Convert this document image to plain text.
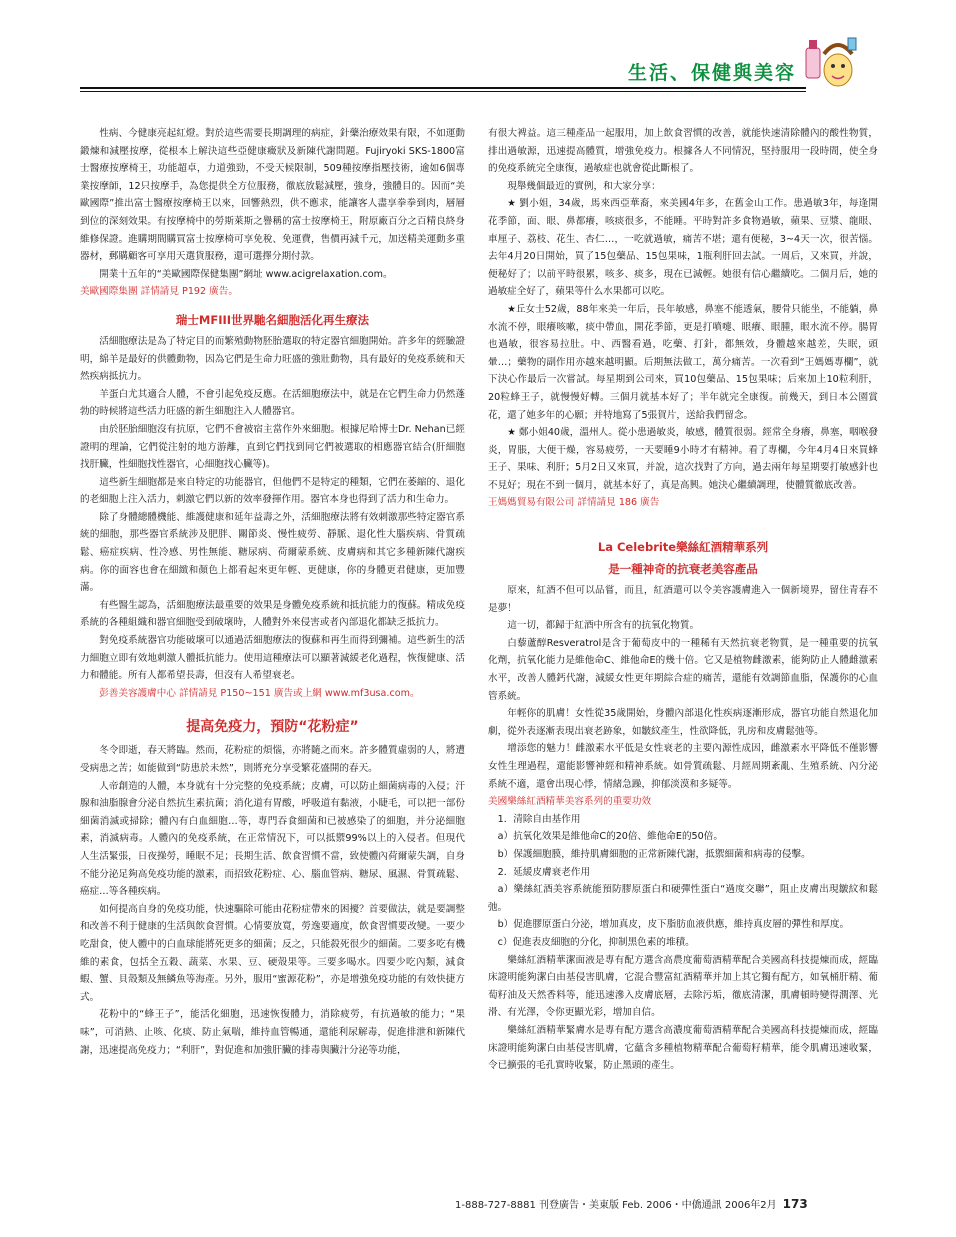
生活、保健與美容

性病、今健康亮起紅燈。對於這些需要長期調理的病症，針藥治療效果有限，不如運動鍛煉和減壓按摩，從根本上解決這些亞健康癥狀及新陳代謝問題。Fujiryoki SKS-1800富士醫療按摩椅王，功能超卓，力道強勁，不受天候限制，509種按摩指壓技術，逾如6個專業按摩師，12只按摩手，為您提供全方位服務，徹底放鬆減壓，強身，強體目的。因而“美歐國際”推出富士醫療按摩椅王以來，回響熱烈，供不應求，能讓客人盡享拳拳到肉，層層到位的深刻效果。有按摩椅中的勞斯萊斯之譽稱的富士按摩椅王，附原廠百分之百精良終身維修保證。進購期間購買富士按摩椅可享免稅、免運費，售價再減千元，加送精美運動多重器材，郵購顧客可享用天選貨服務，還可選擇分期付款。

開業十五年的“美歐國際保健集團”網址 www.acigrelaxation.com。

美歐國際集團 詳情請見 P192 廣告。

瑞士MFIII世界馳名細胞活化再生療法

活細胞療法是為了特定目的而繁殖動物胚胎選取的特定器官細胞開始。許多年的經驗證明，綿羊是最好的供體動物，因為它們是生命力旺盛的強壯動物，具有最好的免疫系統和天然疾病抵抗力。

羊蛋白尤其適合人體，不會引起免疫反應。在活細胞療法中，就是在它們生命力仍然蓬勃的時候將這些活力旺盛的新生細胞注入人體器官。

由於胚胎細胞沒有抗原，它們不會被宿主當作外來細胞。根據尼哈博士Dr. Nehan已經證明的理論，它們從注射的地方游離，直到它們找到同它們被選取的相應器官結合(肝細胞找肝臟，性細胞找性器官，心細胞找心臟等)。

這些新生細胞都是來自特定的功能器官，但他們不是特定的種類，它們在萎縮的、退化的老細胞上注入活力，刺激它們以新的效率發揮作用。器官本身也得到了活力和生命力。

除了身體總體機能、維護健康和延年益壽之外，活細胞療法將有效刺激那些特定器官系統的細胞，那些器官系統涉及肥胖、關節炎、慢性疲勞、靜脈、退化性大腦疾病、骨質疏鬆、癌症疾病、性冷感、男性無能、糖尿病、荷爾蒙系統、皮膚病和其它多種新陳代謝疾病。你的面容也會在細緻和顏色上都看起來更年輕、更健康，你的身體更君健康，更加豐滿。

有些醫生認為，活細胞療法最重要的效果是身體免疫系統和抵抗能力的復蘇。精成免疫系統的各種組織和器官細胞受到破壞時，人體對外來侵害或者內部退化都缺乏抵抗力。

對免疫系統器官功能破壞可以通過活細胞療法的復蘇和再生而得到彌補。這些新生的活力細胞立即有效地刺激人體抵抗能力。使用這種療法可以顯著減緩老化過程，恢復健康、活力和體能。所有人都希望長壽，但沒有人希望衰老。

彭善美容護膚中心 詳情請見 P150~151 廣告或上網 www.mf3usa.com。

提高免疫力，預防“花粉症”

冬令即逝，春天將臨。然而，花粉症的煩惱，亦將隨之而來。許多體質虛弱的人，將遭受病患之苦；如能做到“防患於未然”，則將充分享受繁花盛開的春天。

人帝創造的人體，本身就有十分完整的免疫系統；皮膚，可以防止細菌病毒的入侵；汗腺和油脂腺會分泌自然抗生素抗菌；消化道有胃酸，呼吸道有黏液，小睫毛，可以把一部份細菌消滅或掃除；體內有白血細胞…等，專門吞食細菌和已被感染了的細胞，并分泌細胞素，消滅病毒。人體內的免疫系統，在正常情況下，可以抵禦99%以上的入侵者。但現代人生活緊張，日夜操勞，睡眠不足；長期生活、飲食習慣不當，致使體內荷爾蒙失調，自身不能分泌足夠高免疫功能的激素，而招致花粉症、心、腦血管病、糖尿、風濕、骨質疏鬆、癌症…等各種疾病。

如何提高自身的免疫功能，快速驅除可能由花粉症帶來的困擾？首要做法，就是要調整和改善不利于健康的生活與飲食習慣。心情要放寬，勞逸要適度，飲食習慣要改變。一要少吃甜食，使人體中的白血球能將死更多的細菌；反之，只能殺死很少的細菌。二要多吃有機維的素食，包括全五穀、蔬菜、水果、豆、硬殼果等。三要多喝水。四要少吃內類，減食蝦、蟹、貝殼類及無鱗魚等海產。另外，服用“蜜源花粉”，亦是增強免疫功能的有效快捷方式。

花粉中的“蜂王子”，能活化細胞，迅速恢復體力，消除疲勞，有抗過敏的能力；“果味”，可消熱、止咳、化痰、防止氣喘，維持血管暢通，還能利尿解毒，促進排泄和新陳代謝，迅速提高免疫力；“利肝”，對促進和加強肝臟的排毒與臟汁分泌等功能，

有很大裨益。這三種產品一起服用，加上飲食習慣的改善，就能快速清除體內的酸性物質，排出過敏源，迅速提高體質，增強免疫力。根據各人不同情況，堅持服用一段時間，使全身的免疫系統完全康復，過敏症也就會從此斷根了。

現舉幾個最近的實例，和大家分享：

★ 劉小姐，34歲，馬來西亞華裔，來美國4年多，在舊金山工作。患過敏3年，每逢開花季節，面、眼、鼻都癢，咳痰很多，不能睡。平時對許多食物過敏，蘋果、豆漿、龍眼、車厘子、荔枝、花生、杏仁…，一吃就過敏，痛苦不堪；還有便秘，3~4天一次，很苦惱。去年4月20日開始，買了15包藥品、15包果味，1瓶利肝回去試。一周后，又來買，并說，便秘好了；以前平時很累，咳多、痰多，現在已減輕。她很有信心繼續吃。二個月后，她的過敏症全好了，蘋果等什么水果都可以吃。

★丘女士52歲，88年來美一年后，長年敏感，鼻塞不能透氣，腰骨只能坐，不能躺，鼻水流不停，眼癢咳嗽，痰中帶血，開花季節，更是打噴嚏、眼癢、眼腫，眼水流不停。腸胃也過敏，很容易拉肚。中、西醫看過，吃藥、打針，都無效，身體越來越差，失眠，頭暈…；藥物的副作用亦越來越明顯。后期無法做工，萬分痛苦。一次看到“王媽媽專欄”，就下決心作最后一次嘗試。每星期到公司來，買10包藥品、15包果味；后來加上10粒利肝，20粒蜂王子，就慢慢好轉。三個月就基本好了；半年就完全康復。前幾天，到日本公園賞花，還了她多年的心願；并特地寫了5張賀片，送給我們留念。

★ 鄭小姐40歲，溫州人。從小患過敏炎，敏感，體質很弱。經常全身癢，鼻塞，咽喉發炎，胃脹，大便干燥，容易疲勞，一天要睡9小時才有精神。看了專欄，今年4月4日來買蜂王子、果味、利肝；5月2日又來買，并說，這次找對了方向，過去兩年每星期要打敏感針也不見好；現在不到一個月，就基本好了，真是高興。她決心繼續調理，使體質徹底改善。

王媽媽貿易有限公司 詳情請見 186 廣告

La Celebrite樂絲紅酒精華系列
是一種神奇的抗衰老美容產品

原來，紅酒不但可以品嘗，而且，紅酒還可以令美容護膚進入一個新境界，留住青春不是夢！

這一切，都歸于紅酒中所含有的抗氧化物質。

白藜蘆醇Resveratrol是含于葡萄皮中的一種稀有天然抗衰老物質，是一種重要的抗氧化劑，抗氧化能力是維他命C、維他命E的幾十倍。它又是植物雌激素，能夠防止人體雌激素水平，改善人體鈣代謝，減緩女性更年期綜合症的痛苦，還能有效調節血脂，保護你的心血管系統。

年輕你的肌膚！女性從35歲開始，身體內部退化性疾病逐漸形成，器官功能自然退化加劇，從外表逐漸表現出衰老跡象，如皺紋產生，性欲降低，乳房和皮膚鬆弛等。

增添您的魅力！雌激素水平低是女性衰老的主要內源性成因，雌激素水平降低不僅影響女性生理過程，還能影響神經和精神系統。如骨質疏鬆、月經周期紊亂、生殖系統、內分泌系統不適，還會出現心悸，情緒急躁，抑郁淡漠和多疑等。

美國樂絲紅酒精華美容系列的重要功效

1．清除自由基作用

a）抗氧化效果是維他命C的20倍、維他命E的50倍。

b）保護細胞膜，維持肌膚細胞的正常新陳代謝，抵禦細菌和病毒的侵擊。

2．延緩皮膚衰老作用

a）樂絲紅酒美容系統能預防膠原蛋白和硬彈性蛋白“過度交聯”，阻止皮膚出現皺紋和鬆弛。

b）促進膠原蛋白分泌，增加真皮，皮下脂肪血液供應，維持真皮層的彈性和厚度。

c）促進表皮細胞的分化，抑制黑色素的堆積。

樂絲紅酒精華潔面液是專有配方選含高農度葡萄酒精華配合美國高科技提煉而成，經臨床證明能夠潔白由基侵害肌膚，它混合豐富紅酒精華并加上其它獨有配方，如氧桶肝精、葡萄籽油及天然香料等，能迅速滲入皮膚底層，去除污垢，徹底清潔，肌膚頓時變得潤澤、光滑、有光澤，令你更顯光彩，增加自信。

樂絲紅酒精華緊膚水是專有配方選含高濃度葡萄酒精華配合美國高科技提煉而成，經臨床證明能夠潔白由基侵害肌膚，它蘊含多種植物精華配合葡萄籽精華，能令肌膚迅速收緊，令已擴張的毛孔實時收緊，防止黑頭的產生。

1-888-727-8881 刊登廣告・美東版 Feb. 2006・中僑通訊 2006年2月 173
